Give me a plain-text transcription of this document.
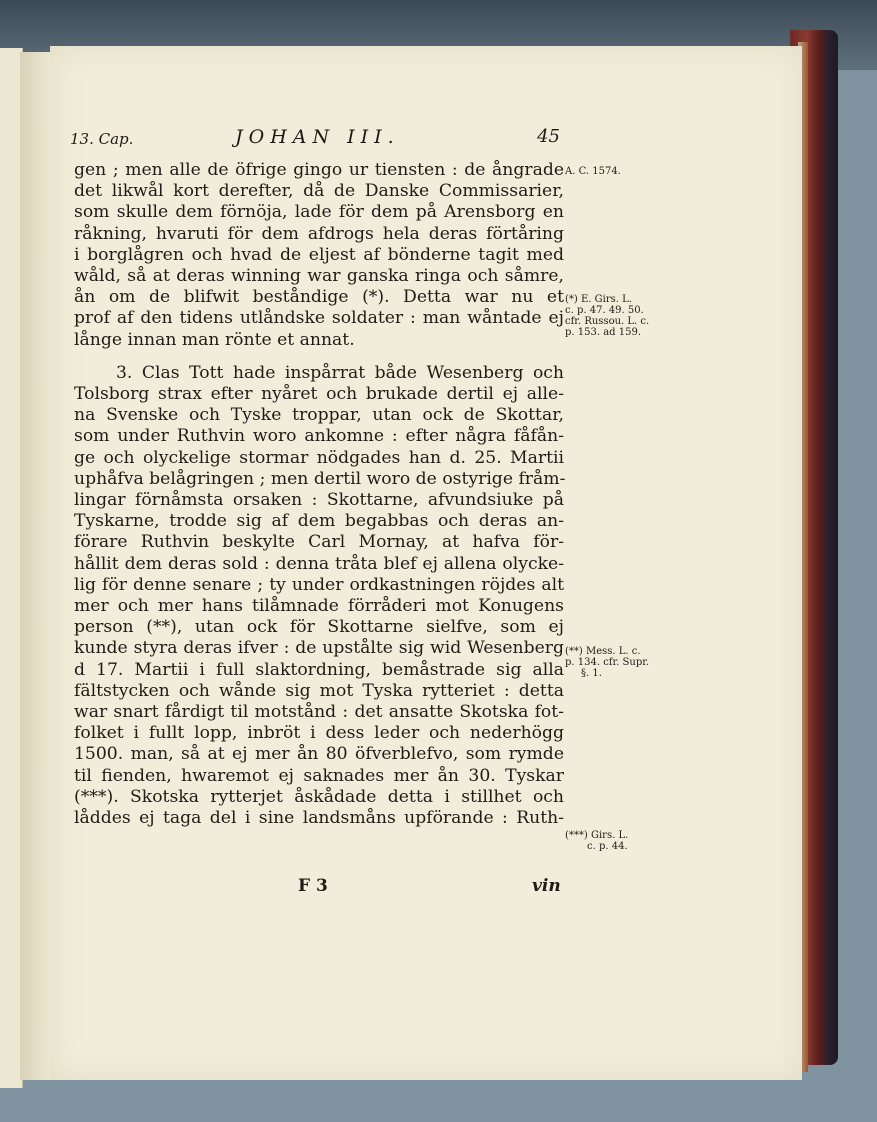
13. Cap.	JOHAN III.	45
gen ; men alle de öfrige gingo ur tiensten : de ångrade
det likwål kort derefter, då de Danske Commissarier,
som skulle dem förnöja, lade för dem på Arensborg en
råkning, hvaruti för dem afdrogs hela deras förtåring
i borglågren och hvad de eljest af bönderne tagit med
wåld, så at deras winning war ganska ringa och såmre,
ån om de blifwit beståndige (*). Detta war nu et
prof af den tidens utlåndske soldater : man wåntade ej
långe innan man rönte et annat.
3. Clas Tott hade inspårrat både Wesenberg och
Tolsborg strax efter nyåret och brukade dertil ej alle-
na Svenske och Tyske troppar, utan ock de Skottar,
som under Ruthvin woro ankomne : efter några fåfån-
ge och olyckelige stormar nödgades han d. 25. Martii
uphåfva belågringen ; men dertil woro de ostyrige fråm-
lingar förnåmsta orsaken : Skottarne, afvundsiuke på
Tyskarne, trodde sig af dem begabbas och deras an-
förare Ruthvin beskylte Carl Mornay, at hafva för-
hållit dem deras sold : denna tråta blef ej allena olycke-
lig för denne senare ; ty under ordkastningen röjdes alt
mer och mer hans tilåmnade förråderi mot Konugens
person (**), utan ock för Skottarne sielfve, som ej
kunde styra deras ifver : de upstålte sig wid Wesenberg
d 17. Martii i full slaktordning, bemåstrade sig alla
fältstycken och wånde sig mot Tyska rytteriet : detta
war snart fårdigt til motstånd : det ansatte Skotska fot-
folket i fullt lopp, inbröt i dess leder och nederhögg
1500. man, så at ej mer ån 80 öfverblefvo, som rymde
til fienden, hwaremot ej saknades mer ån 30. Tyskar
(***). Skotska rytterjet åskådade detta i stillhet och
låddes ej taga del i sine landsmåns upförande : Ruth-
A. C. 1574.
(*) E. Girs. L.
c. p. 47. 49. 50.
cfr. Russou. L. c.
p. 153. ad 159.
(**) Mess. L. c.
p. 134. cfr. Supr.
§. 1.
(***) Girs. L.
c. p. 44.
F 3	vin
